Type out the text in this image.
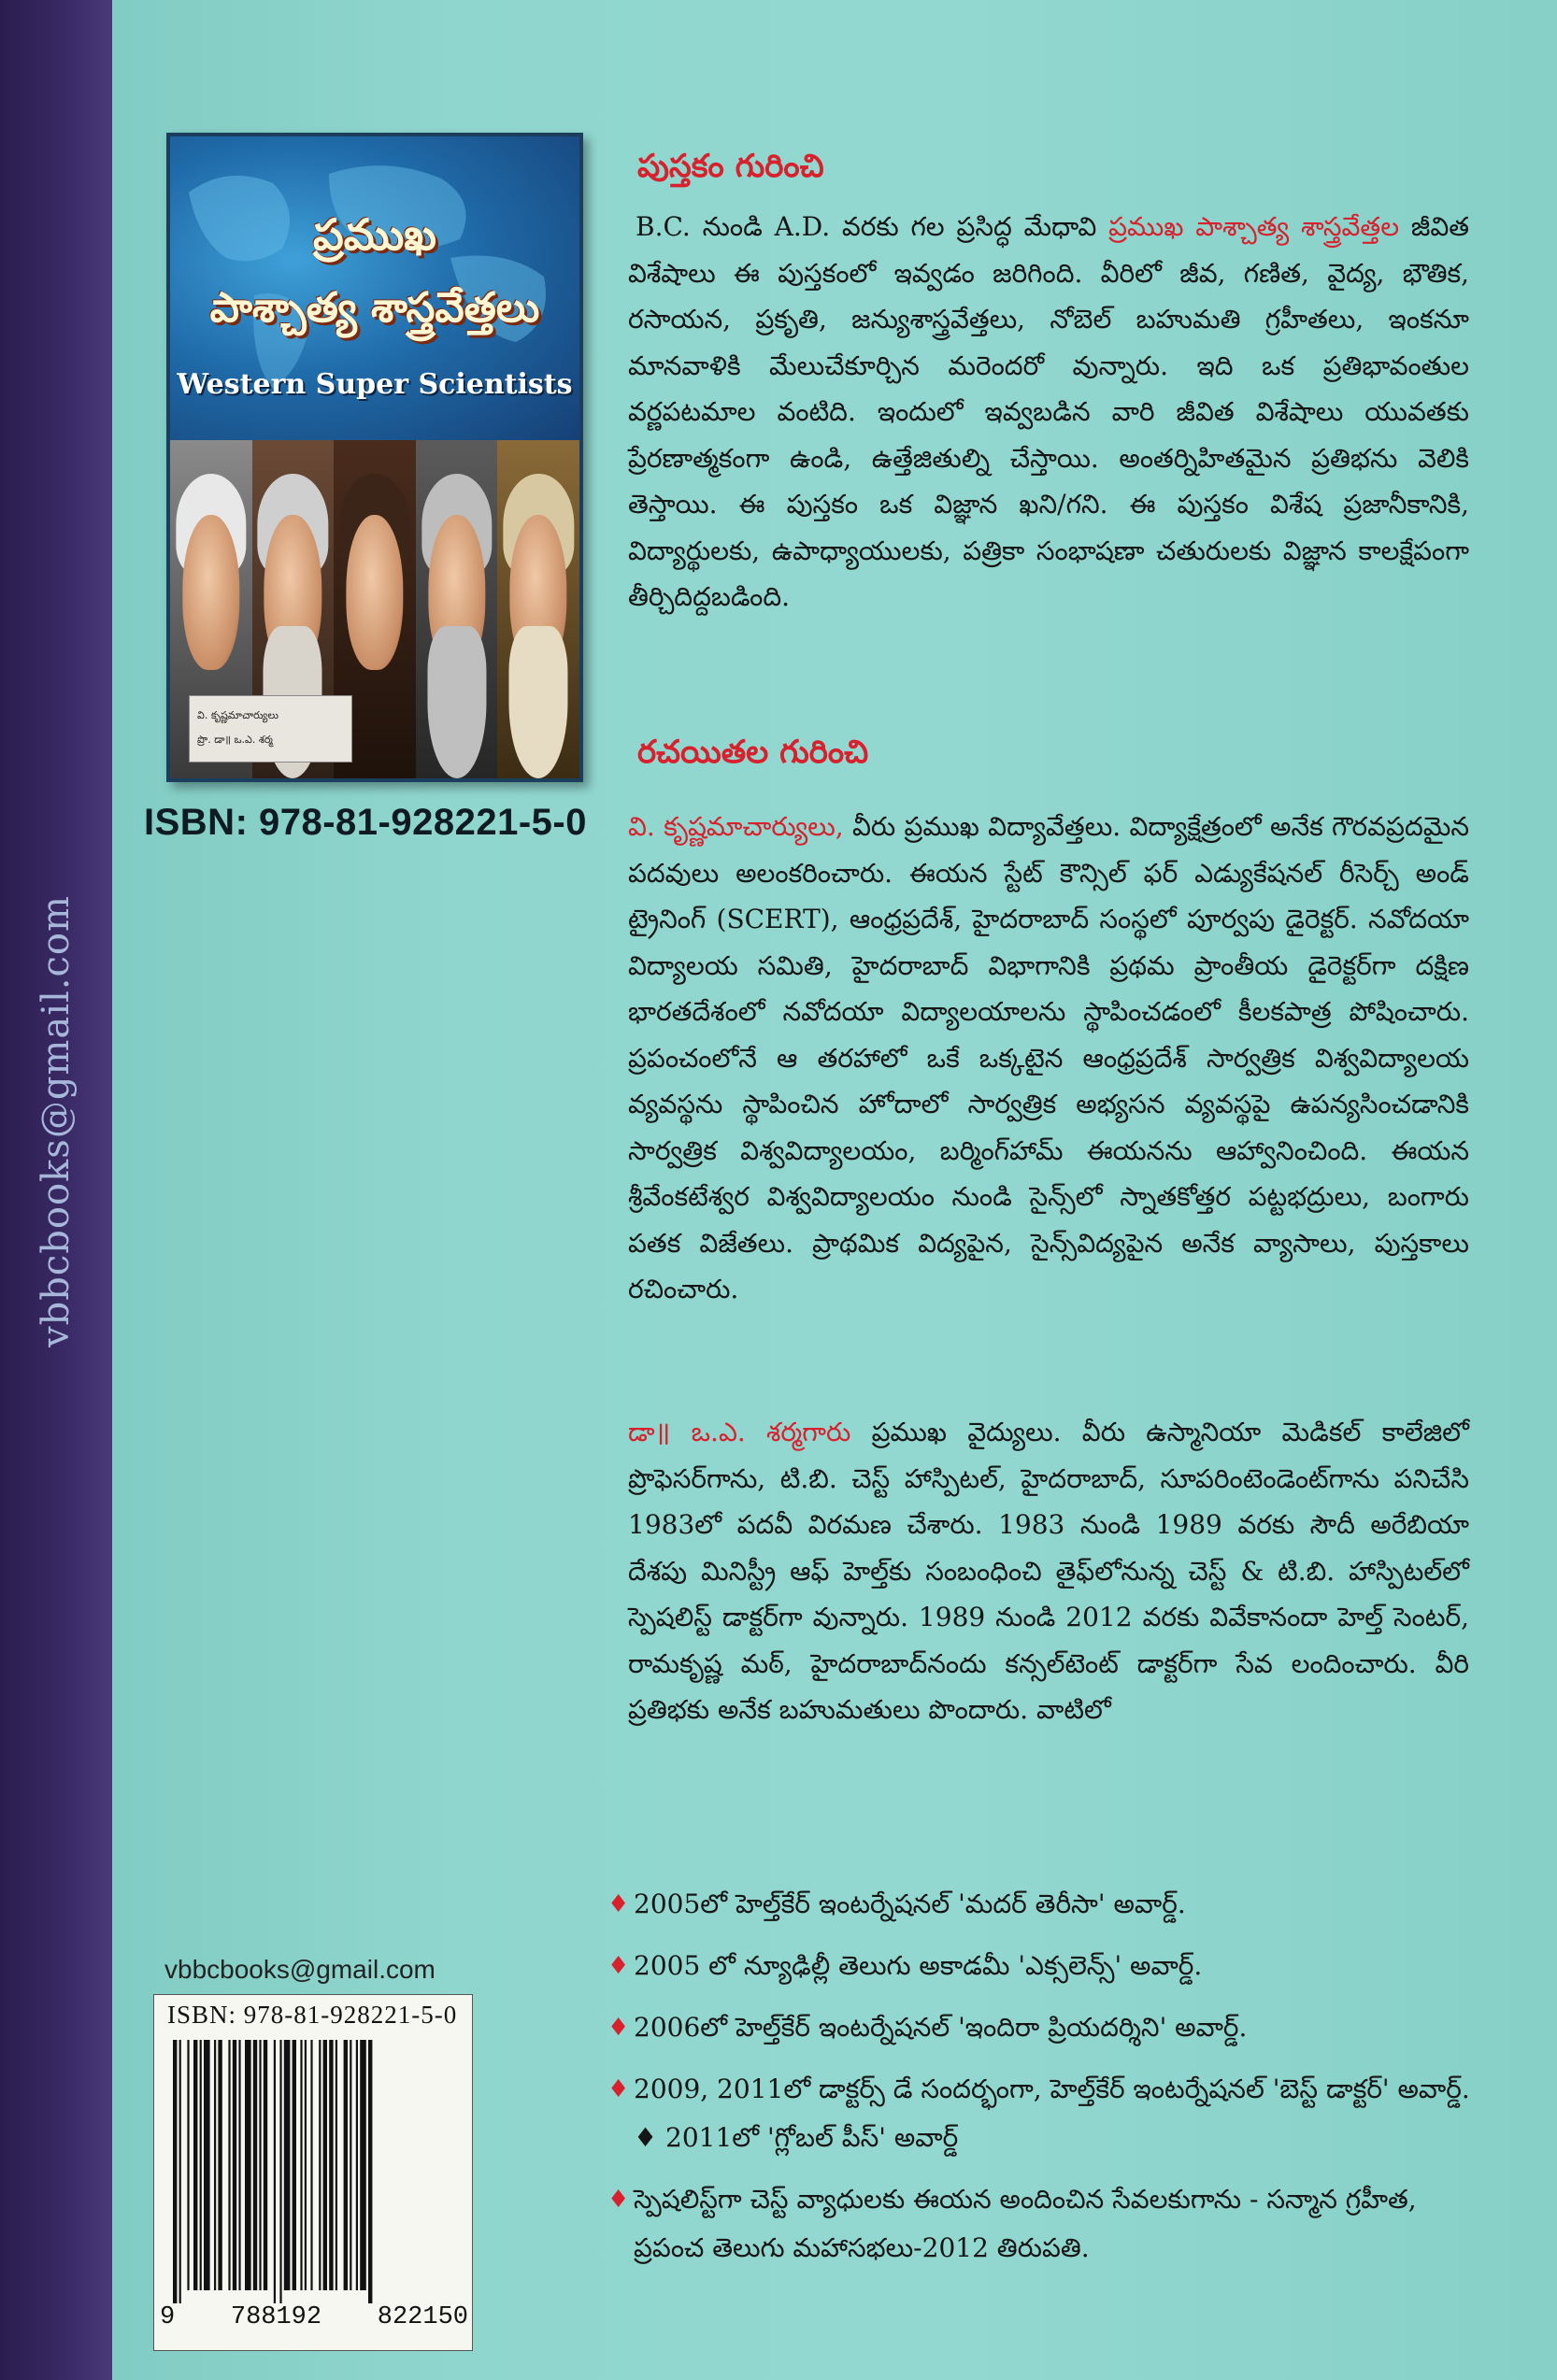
vbbcbooks@gmail.com
ప్రముఖ
పాశ్చాత్య శాస్త్రవేత్తలు
Western Super Scientists
వి. కృష్ణమాచార్యులు
ప్రొ. డా॥ ఒ.ఎ. శర్మ
ISBN: 978-81-928221-5-0
పుస్తకం గురించి
B.C. నుండి A.D. వరకు గల ప్రసిద్ధ మేధావి ప్రముఖ పాశ్చాత్య శాస్త్రవేత్తల జీవిత విశేషాలు ఈ పుస్తకంలో ఇవ్వడం జరిగింది. వీరిలో జీవ, గణిత, వైద్య, భౌతిక, రసాయన, ప్రకృతి, జన్యుశాస్త్రవేత్తలు, నోబెల్ బహుమతి గ్రహీతలు, ఇంకనూ మానవాళికి మేలుచేకూర్చిన మరెందరో వున్నారు. ఇది ఒక ప్రతిభావంతుల వర్ణపటమాల వంటిది. ఇందులో ఇవ్వబడిన వారి జీవిత విశేషాలు యువతకు ప్రేరణాత్మకంగా ఉండి, ఉత్తేజితుల్ని చేస్తాయి. అంతర్నిహితమైన ప్రతిభను వెలికి తెస్తాయి. ఈ పుస్తకం ఒక విజ్ఞాన ఖని/గని. ఈ పుస్తకం విశేష ప్రజానీకానికి, విద్యార్థులకు, ఉపాధ్యాయులకు, పత్రికా సంభాషణా చతురులకు విజ్ఞాన కాలక్షేపంగా తీర్చిదిద్దబడింది.
రచయితల గురించి
వి. కృష్ణమాచార్యులు, వీరు ప్రముఖ విద్యావేత్తలు. విద్యాక్షేత్రంలో అనేక గౌరవప్రదమైన పదవులు అలంకరించారు. ఈయన స్టేట్ కౌన్సిల్ ఫర్ ఎడ్యుకేషనల్ రీసెర్చ్ అండ్ ట్రైనింగ్ (SCERT), ఆంధ్రప్రదేశ్, హైదరాబాద్ సంస్థలో పూర్వపు డైరెక్టర్. నవోదయా విద్యాలయ సమితి, హైదరాబాద్ విభాగానికి ప్రథమ ప్రాంతీయ డైరెక్టర్‌గా దక్షిణ భారతదేశంలో నవోదయా విద్యాలయాలను స్థాపించడంలో కీలకపాత్ర పోషించారు. ప్రపంచంలోనే ఆ తరహాలో ఒకే ఒక్కటైన ఆంధ్రప్రదేశ్ సార్వత్రిక విశ్వవిద్యాలయ వ్యవస్థను స్థాపించిన హోదాలో సార్వత్రిక అభ్యసన వ్యవస్థపై ఉపన్యసించడానికి సార్వత్రిక విశ్వవిద్యాలయం, బర్మింగ్‌హామ్ ఈయనను ఆహ్వానించింది. ఈయన శ్రీవేంకటేశ్వర విశ్వవిద్యాలయం నుండి సైన్స్‌లో స్నాతకోత్తర పట్టభద్రులు, బంగారు పతక విజేతలు. ప్రాథమిక విద్యపైన, సైన్స్‌విద్యపైన అనేక వ్యాసాలు, పుస్తకాలు రచించారు.
డా॥ ఒ.ఎ. శర్మగారు ప్రముఖ వైద్యులు. వీరు ఉస్మానియా మెడికల్ కాలేజిలో ప్రొఫెసర్‌గాను, టి.బి. చెస్ట్ హాస్పిటల్, హైదరాబాద్, సూపరింటెండెంట్‌గాను పనిచేసి 1983లో పదవీ విరమణ చేశారు. 1983 నుండి 1989 వరకు సౌదీ అరేబియా దేశపు మినిస్ట్రీ ఆఫ్ హెల్త్‌కు సంబంధించి తైఫ్‌లోనున్న చెస్ట్ & టి.బి. హాస్పిటల్‌లో స్పెషలిస్ట్ డాక్టర్‌గా వున్నారు. 1989 నుండి 2012 వరకు వివేకానందా హెల్త్ సెంటర్, రామకృష్ణ మఠ్, హైదరాబాద్‌నందు కన్సల్‌టెంట్ డాక్టర్‌గా సేవ లందించారు. వీరి ప్రతిభకు అనేక బహుమతులు పొందారు. వాటిలో
♦ 2005లో హెల్త్‌కేర్ ఇంటర్నేషనల్ 'మదర్ తెరీసా' అవార్డ్.
♦ 2005 లో న్యూఢిల్లీ తెలుగు అకాడమీ 'ఎక్సలెన్స్' అవార్డ్.
♦ 2006లో హెల్త్‌కేర్ ఇంటర్నేషనల్ 'ఇందిరా ప్రియదర్శిని' అవార్డ్.
♦ 2009, 2011లో డాక్టర్స్ డే సందర్భంగా, హెల్త్‌కేర్ ఇంటర్నేషనల్ 'బెస్ట్ డాక్టర్' అవార్డ్. ♦ 2011లో 'గ్లోబల్ పీస్' అవార్డ్
♦ స్పెషలిస్ట్‌గా చెస్ట్ వ్యాధులకు ఈయన అందించిన సేవలకుగాను - సన్మాన గ్రహీత, ప్రపంచ తెలుగు మహాసభలు-2012 తిరుపతి.
vbbcbooks@gmail.com
ISBN: 978-81-928221-5-0
9 788192 822150
